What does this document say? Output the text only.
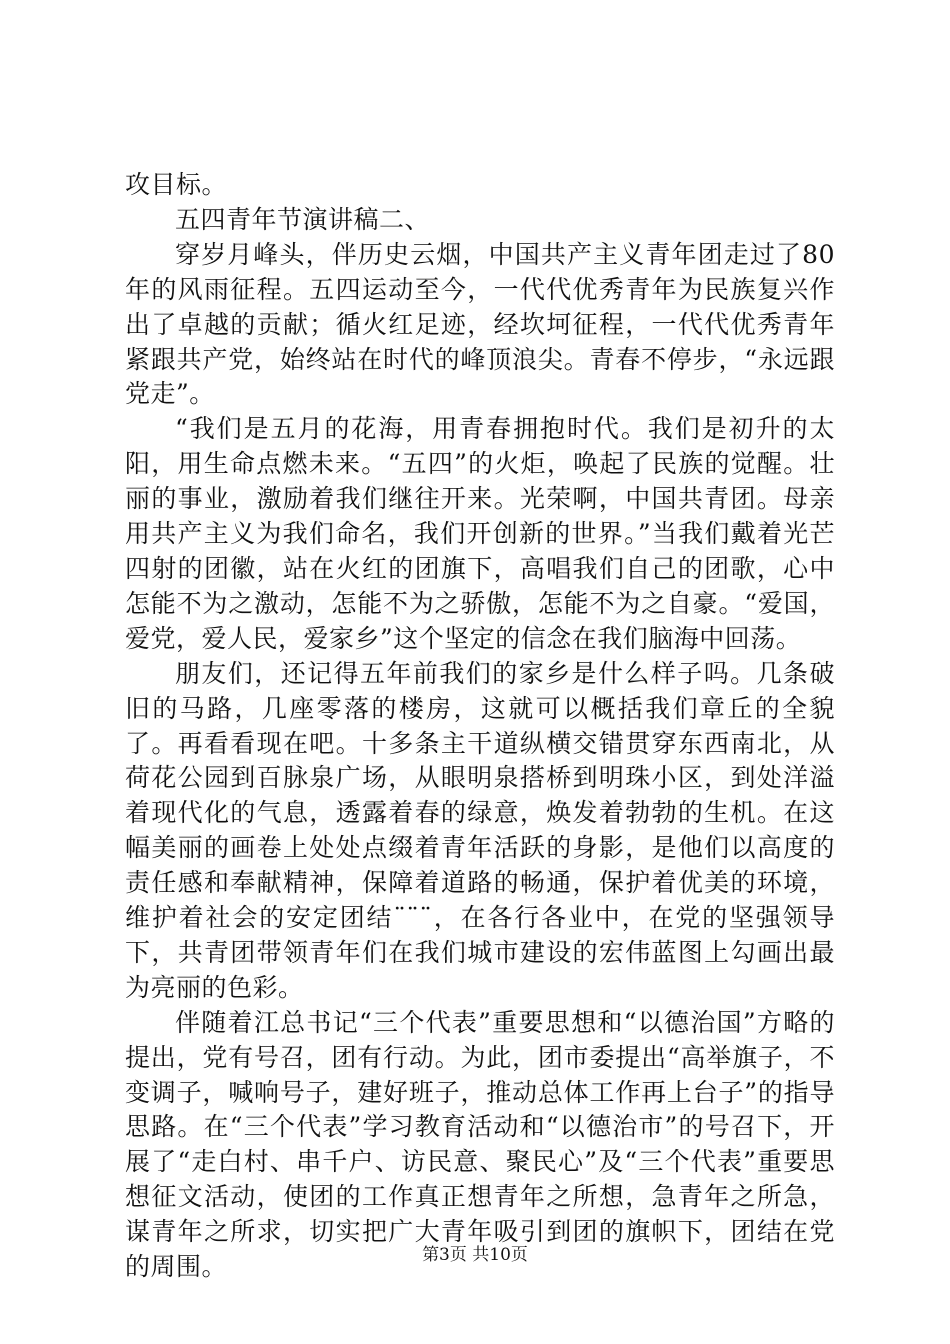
攻目标。

五四青年节演讲稿二、

穿岁月峰头，伴历史云烟，中国共产主义青年团走过了80年的风雨征程。五四运动至今，一代代优秀青年为民族复兴作出了卓越的贡献；循火红足迹，经坎坷征程，一代代优秀青年紧跟共产党，始终站在时代的峰顶浪尖。青春不停步，“永远跟党走”。

“我们是五月的花海，用青春拥抱时代。我们是初升的太阳，用生命点燃未来。“五四”的火炬，唤起了民族的觉醒。壮丽的事业，激励着我们继往开来。光荣啊，中国共青团。母亲用共产主义为我们命名，我们开创新的世界。”当我们戴着光芒四射的团徽，站在火红的团旗下，高唱我们自己的团歌，心中怎能不为之激动，怎能不为之骄傲，怎能不为之自豪。“爱国，爱党，爱人民，爱家乡”这个坚定的信念在我们脑海中回荡。

朋友们，还记得五年前我们的家乡是什么样子吗。几条破旧的马路，几座零落的楼房，这就可以概括我们章丘的全貌了。再看看现在吧。十多条主干道纵横交错贯穿东西南北，从荷花公园到百脉泉广场，从眼明泉搭桥到明珠小区，到处洋溢着现代化的气息，透露着春的绿意，焕发着勃勃的生机。在这幅美丽的画卷上处处点缀着青年活跃的身影，是他们以高度的责任感和奉献精神，保障着道路的畅通，保护着优美的环境，维护着社会的安定团结¨¨¨，在各行各业中，在党的坚强领导下，共青团带领青年们在我们城市建设的宏伟蓝图上勾画出最为亮丽的色彩。

伴随着江总书记“三个代表”重要思想和“以德治国”方略的提出，党有号召，团有行动。为此，团市委提出“高举旗子，不变调子，喊响号子，建好班子，推动总体工作再上台子”的指导思路。在“三个代表”学习教育活动和“以德治市”的号召下，开展了“走白村、串千户、访民意、聚民心”及“三个代表”重要思想征文活动，使团的工作真正想青年之所想，急青年之所急，谋青年之所求，切实把广大青年吸引到团的旗帜下，团结在党的周围。	第3页 共10页
